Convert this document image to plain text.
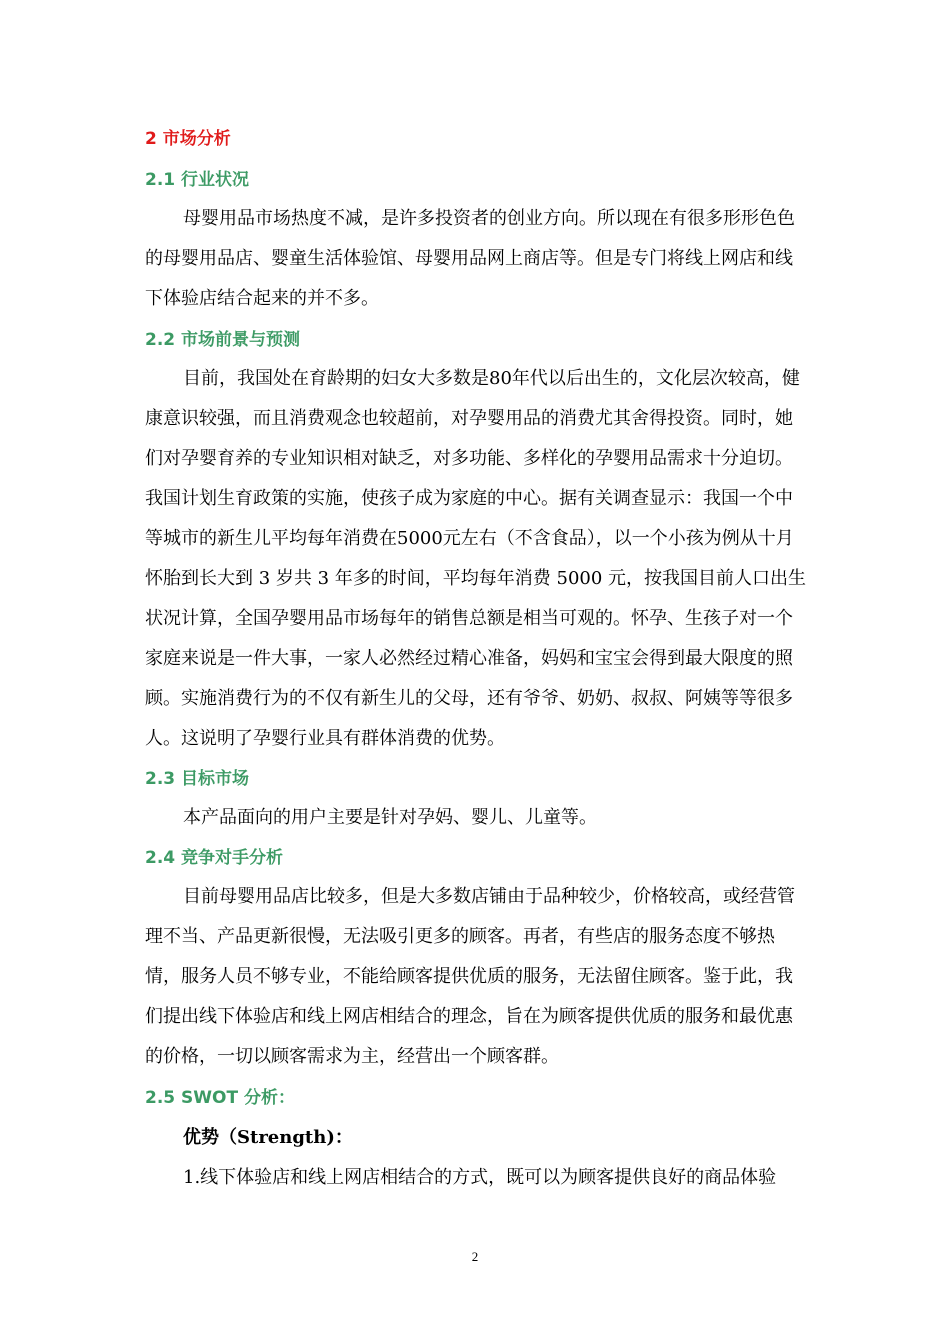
2 市场分析
2.1 行业状况

母婴用品市场热度不减，是许多投资者的创业方向。所以现在有很多形形色色的母婴用品店、婴童生活体验馆、母婴用品网上商店等。但是专门将线上网店和线下体验店结合起来的并不多。

2.2 市场前景与预测

目前，我国处在育龄期的妇女大多数是80年代以后出生的，文化层次较高，健康意识较强，而且消费观念也较超前，对孕婴用品的消费尤其舍得投资。同时，她们对孕婴育养的专业知识相对缺乏，对多功能、多样化的孕婴用品需求十分迫切。我国计划生育政策的实施，使孩子成为家庭的中心。据有关调查显示：我国一个中等城市的新生儿平均每年消费在5000元左右（不含食品），以一个小孩为例从十月怀胎到长大到 3 岁共 3 年多的时间，平均每年消费 5000 元，按我国目前人口出生状况计算，全国孕婴用品市场每年的销售总额是相当可观的。怀孕、生孩子对一个家庭来说是一件大事，一家人必然经过精心准备，妈妈和宝宝会得到最大限度的照顾。实施消费行为的不仅有新生儿的父母，还有爷爷、奶奶、叔叔、阿姨等等很多人。这说明了孕婴行业具有群体消费的优势。

2.3 目标市场

本产品面向的用户主要是针对孕妈、婴儿、儿童等。

2.4 竞争对手分析

目前母婴用品店比较多，但是大多数店铺由于品种较少，价格较高，或经营管理不当、产品更新很慢，无法吸引更多的顾客。再者，有些店的服务态度不够热情，服务人员不够专业，不能给顾客提供优质的服务，无法留住顾客。鉴于此，我们提出线下体验店和线上网店相结合的理念，旨在为顾客提供优质的服务和最优惠的价格，一切以顾客需求为主，经营出一个顾客群。

2.5 SWOT 分析：
优势（Strength)：

1.线下体验店和线上网店相结合的方式，既可以为顾客提供良好的商品体验

2
